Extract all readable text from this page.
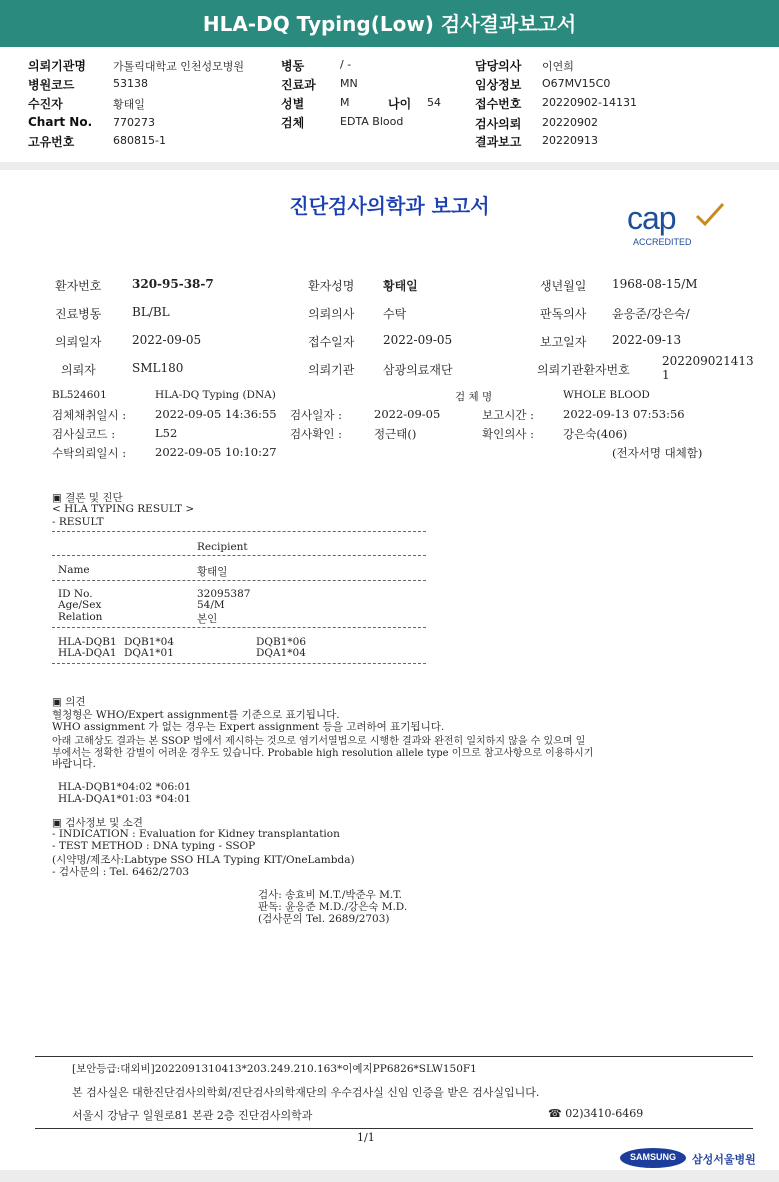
HLA-DQ Typing(Low) 검사결과보고서
의뢰기관명 가톨릭대학교 인천성모병원
병원코드	53138
수진자	황태일
Chart No. 770273
고유번호	680815-1
병동	/ -
진료과 MN
성별	M	나이 54
검체	EDTA Blood
담당의사 이연희
임상정보 O67MV15C0
접수번호 20220902-14131
검사의뢰 20220902
결과보고 20220913
진단검사의학과 보고서	cap
ACCREDITED
환자번호	320-95-38-7	환자성명 황태일	생년월일 1968-08-15/M
진료병동	BL/BL	의뢰의사 수탁	판독의사 윤응준/강은숙/
의뢰일자	2022-09-05	접수일자 2022-09-05	보고일자 2022-09-13
의뢰자	SML180	의뢰기관 삼광의료재단	의뢰기관환자번호
202209021413
1
BL524601	HLA-DQ Typing (DNA)	검 체 명	WHOLE BLOOD
검체채취일시 :	2022-09-05 14:36:55 검사일자 :	2022-09-05	보고시간 :	2022-09-13 07:53:56
검사실코드 :	L52	검사확인 :	정근태()	확인의사 :	강은숙(406)
수탁의뢰일시 :	2022-09-05 10:10:27	(전자서명 대체함)
▣ 결론 및 진단
< HLA TYPING RESULT >
- RESULT
Recipient
Name	황태일
ID No.	32095387
Age/Sex	54/M
Relation	본인
HLA-DQB1 DQB1*04	DQB1*06
HLA-DQA1 DQA1*01	DQA1*04
▣ 의견
혈청형은 WHO/Expert assignment를 기준으로 표기됩니다.
WHO assignment 가 없는 경우는 Expert assignment 등을 고려하여 표기됩니다.
아래 고해상도 결과는 본 SSOP 법에서 제시하는 것으로 염기서열법으로 시행한 결과와 완전히 일치하지 않을 수 있으며 일
부에서는 정확한 감별이 어려운 경우도 있습니다. Probable high resolution allele type 이므로 참고사항으로 이용하시기
바랍니다.
HLA-DQB1*04:02 *06:01
HLA-DQA1*01:03 *04:01
▣ 검사정보 및 소견
- INDICATION : Evaluation for Kidney transplantation
- TEST METHOD : DNA typing - SSOP
(시약명/제조사:Labtype SSO HLA Typing KIT/OneLambda)
- 검사문의 : Tel. 6462/2703
검사: 송효비 M.T./박준우 M.T.
판독: 윤응준 M.D./강은숙 M.D.
(검사문의 Tel. 2689/2703)
[보안등급:대외비]2022091310413*203.249.210.163*이예지PP6826*SLW150F1
본 검사실은 대한진단검사의학회/진단검사의학재단의 우수검사실 신임 인증을 받은 검사실입니다.
서울시 강남구 일원로81 본관 2층 진단검사의학과	☎ 02)3410-6469
1/1
SAMSUNG	삼성서울병원
